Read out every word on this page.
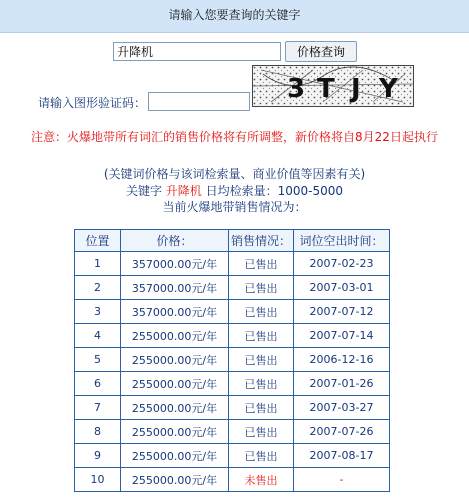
请输入您要查询的关键字
升降机
价格查询
3 T J Y
请输入图形验证码：
注意：火爆地带所有词汇的销售价格将有所调整，新价格将自8月22日起执行
(关键词价格与该词检索量、商业价值等因素有关)
关键字 升降机 日均检索量：1000-5000
当前火爆地带销售情况为：
位置	价格：	销售情况：	词位空出时间：
1	357000.00元/年	已售出	2007-02-23
2	357000.00元/年	已售出	2007-03-01
3	357000.00元/年	已售出	2007-07-12
4	255000.00元/年	已售出	2007-07-14
5	255000.00元/年	已售出	2006-12-16
6	255000.00元/年	已售出	2007-01-26
7	255000.00元/年	已售出	2007-03-27
8	255000.00元/年	已售出	2007-07-26
9	255000.00元/年	已售出	2007-08-17
10	255000.00元/年	未售出	-
